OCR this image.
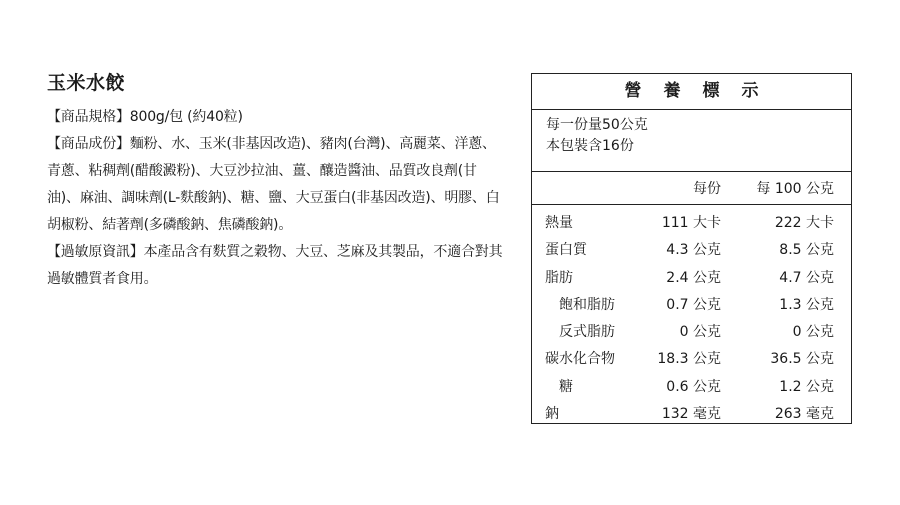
玉米水餃

【商品規格】800g/包 (約40粒)

【商品成份】麵粉、水、玉米(非基因改造)、豬肉(台灣)、高麗菜、洋蔥、青蔥、粘稠劑(醋酸澱粉)、大豆沙拉油、薑、釀造醬油、品質改良劑(甘油)、麻油、調味劑(L-麩酸鈉)、糖、鹽、大豆蛋白(非基因改造)、明膠、白胡椒粉、結著劑(多磷酸鈉、焦磷酸鈉)。

【過敏原資訊】本產品含有麩質之穀物、大豆、芝麻及其製品，不適合對其過敏體質者食用。

營養標示
每一份量50公克
本包裝含16份
每份	每 100 公克
熱量	111 大卡	222 大卡
蛋白質	4.3 公克	8.5 公克
脂肪	2.4 公克	4.7 公克
飽和脂肪	0.7 公克	1.3 公克
反式脂肪	0 公克	0 公克
碳水化合物	18.3 公克	36.5 公克
糖	0.6 公克	1.2 公克
鈉	132 毫克	263 毫克
